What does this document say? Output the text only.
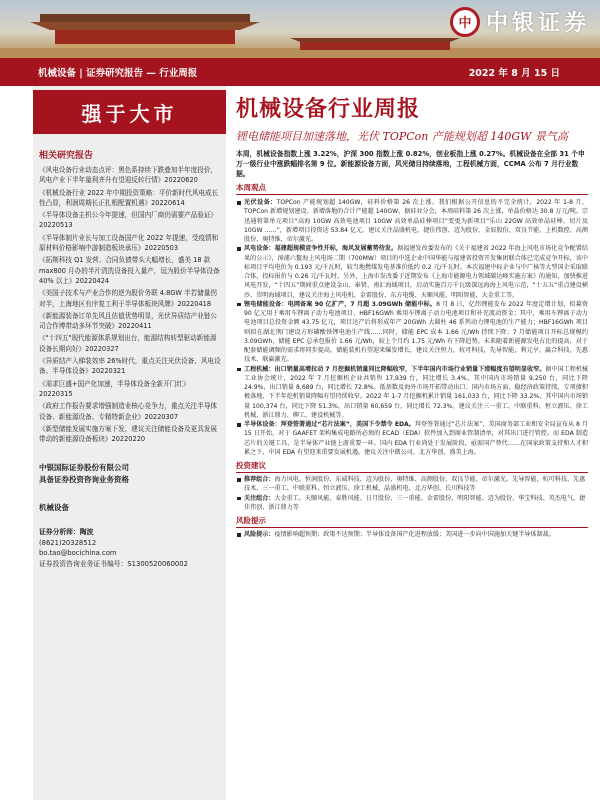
中 中银证券
机械设备 | 证券研究报告 — 行业周报	2022 年 8 月 15 日
强于大市
相关研究报告
《风电设备行业动态点评：黑色系持续下跌叠加半年度投价，风电产业下半年量利齐升有望迎反转行情》20220620
《机械设备行业 2022 年中期投资策略：平价新时代风电成长性凸显，利润周期长正扎根配置机遇》20220614
《半导体设备主机公今年提速，但国内厂商仍需要产品验证》20220513
《半导体制片业长与加工设备国产化 2022 年提速，受疫情和原材料价格影响中游制造板块承压》20220503
《拓荆科技 Q1 发营、合同负债带头大幅增长，盛美 18 款 max800 月办的半片清洗设备投入量产，逗为股价半导体设备 40% 以上》20220424
《美国子技术与产业合作的逆为股价务联 4.8GW 半若储量拐对半，上海地区有序复工利于半导体板块风牌》20220418
《新能源装备订单先风且估值优势明显，光伏异质结产业链公司合作博带动多环节突破》20220411
《"十四五"现代能源体系规划出台，能源结构转型驱动新能源设备长期向好》20220327
《异质结产入梯装效率 26%时代，重点关注光伏设备、风电设备、半导体设备》20220321
《需求巨盛+国产化加速，半导体设备全新开门红》20220315
《政府工作报告要求增强制造业核心竞争力，重点关注半导体设备、新能源设备、专精特新企业》20220307
《新型储能发展实施方案下发，建议关注储能设备及更具发展带动的新能源设备板块》20220220
中银国际证券股份有限公司
具备证券投资咨询业务资格
机械设备
证券分析师：陶波
(8621)20328512
bo.tao@bocichina.com
证券投资咨询业务证书编号：S1300520060002
机械设备行业周报
锂电储能项目加速落地，光伏 TOPCon 产能规划超 140GW 景气高
本周，机械设备指数上涨 3.22%，沪深 300 指数上涨 0.82%，创业板指上涨 0.27%。机械设备在全部 31 个申万一级行业中涨跌幅排名第 9 位。新能源设备方面，风光储目持续落地，工程机械方面，CCMA 公布 7 月行业数据。
本周观点
光伏设备：TOPCon 产能规划超 140GW，硅料价格第 26 次上涨。我们根据公开信息的不完全统计，2022 年 1-8 月，TOPCon 新增规划建设、新增落地的合计产能超 140GW，据硅业分会，本周硅料第 26 次上涨，单晶价格达 30.8 万元/吨。宗迅通将第单元项目“高海 10GW 高效电池项目 10GW 高效单晶硅棒项目”变更为新项目“乐山 22GW 高效单晶硅棒、切片及 10GW ……”，新增项目投资达 53.84 亿元。建议关注晶盛机电、捷佳伟创、迈为股份、金辰股份、双良节能、上机数控、高测股份、奥特维、帝尔激光。
风电设备：福建超规模竞争性开标，海风发展蓄势待发。据福建发改委发布的《关于福建省 2022 年海上风电市场化竞争配置结果的公示》，漳浦六鳌海上风电场二期（700MW）项目的中选企业中国华能与福建省投资开发集团联合体已完成竞争开标，该中标项目平均电价为 0.193 元/千瓦时，较当地燃煤发电基准价低约 0.2 元/千瓦时。本次福建中标企业与中广核等大型国企采取联合体，投标报价与 0.26 元/千瓦时，另外，上海市发改委于近期发布《上海市能源电力领域碳达峰实施方案》的通知，加快推进风电开发，“十四五”期间重点建设金山、奉贤、南汇海域项目，启动实施百万千瓦级深远海海上风电示范，“十五五”重点建设横沙、崇明海域项目，建议关注海上风电机、金雷股份、东方电缆、天顺风能、明阳智能、大金重工等。
锂电储能设备：电网备案 90 亿扩产，7 月超 3.09GWh 储能中标。8 月 8 日，亿纬锂能发布 2022 年度定增计划，拟募资 90 亿元用于乘用车锂离子动力电池项目、HBF16GWh 乘用车锂离子动力电池项目和补充流动资金；其中，乘用车锂离子动力电池项目总投资金额 43.75 亿元，项目达产后将形成年产 20GWh 大圆柱 46 系列动力锂电池的生产能力；HBF16GWh 项目则拟在湖北荆门建设方形磷酸铁锂电池生产线……同时，储能 EPC 成本 1.66 元/Wh 持续下降；7 月储能项目开标总规模约 3.09GWh，储能 EPC 总承包报价 1.66 元/Wh，较上个月约 1.75 元/Wh 有下降趋势。未来随着新能源发电占比的提高，对于配套储能调频的需求将同步提高，储能装机有望迎来爆发增长，建议关注恒力，杭可科技，先导智能，利元亨，赢合科技，先惠技术，联赢激光。
工程机械：出口销量高增拉动 7 月挖掘机销量同比降幅收窄，下半年国内市场行业销量下滑幅度有望明显收窄。据中国工程机械工业协会统计，2022 年 7 月挖掘机企业共销售 17,939 台，同比增长 3.4%，其中国内市场销量 9,250 台，同比下降 24.9%，出口销量 8,689 台，同比增长 72.8%。低基数及海外市场开拓带动出口；国内市场方面，稳经济政策持续、专项债积极落地，下半年挖机销量降幅有望持续收窄。2022 年 1-7 月挖掘机累计销量 161,033 台，同比下降 33.2%，其中国内市场销量 100,374 台，同比下降 51.3%，出口销量 60,659 台，同比增长 72.3%。建议关注三一重工、中联重科、恒立液压、徐工机械、浙江鼎力、柳工、建设机械等。
半导体设备：拜登签署通过“芯片法案”，美国下令禁令 EDA。拜登签署通过“芯片法案”，美国商务部工业和安全局宣布从 8 月 15 日开始，对于 GAAFET 架构集成电路所必须的 ECAD（EDA）软件加入到商业管制清单，对其出口进行管控。而 EDA 制造芯片的关键工具，是半导体产业链上游重要一环。国内 EDA 行业尚处于发展阶段，亟需国产替代……在国家政策支持和人才积累之下，中国 EDA 有望迎来重要发展机遇。建议关注中微公司、北方华创、盛美上海。
投资建议
推荐组合：海力风电、恒润股份、东威科技、迈为股份、奥特维、高测股份、双良节能、帝尔激光、先导智能、杭可科技、先惠技术、三一重工、中联重科、恒立液压、徐工机械、晶盛机电、北方华创、长川科技等
关注组合：大金重工、天顺风能、泰胜风能、日月股份、三一重能、金雷股份、明阳智能、迈为股份、华宝科技、英杰电气、捷佳伟创、浙江鼎力等
风险提示
风险提示：疫情影响超预期；政策不达预期；半导体设备国产化进程放缓；美国进一步向中国施加关键半导体制裁。
